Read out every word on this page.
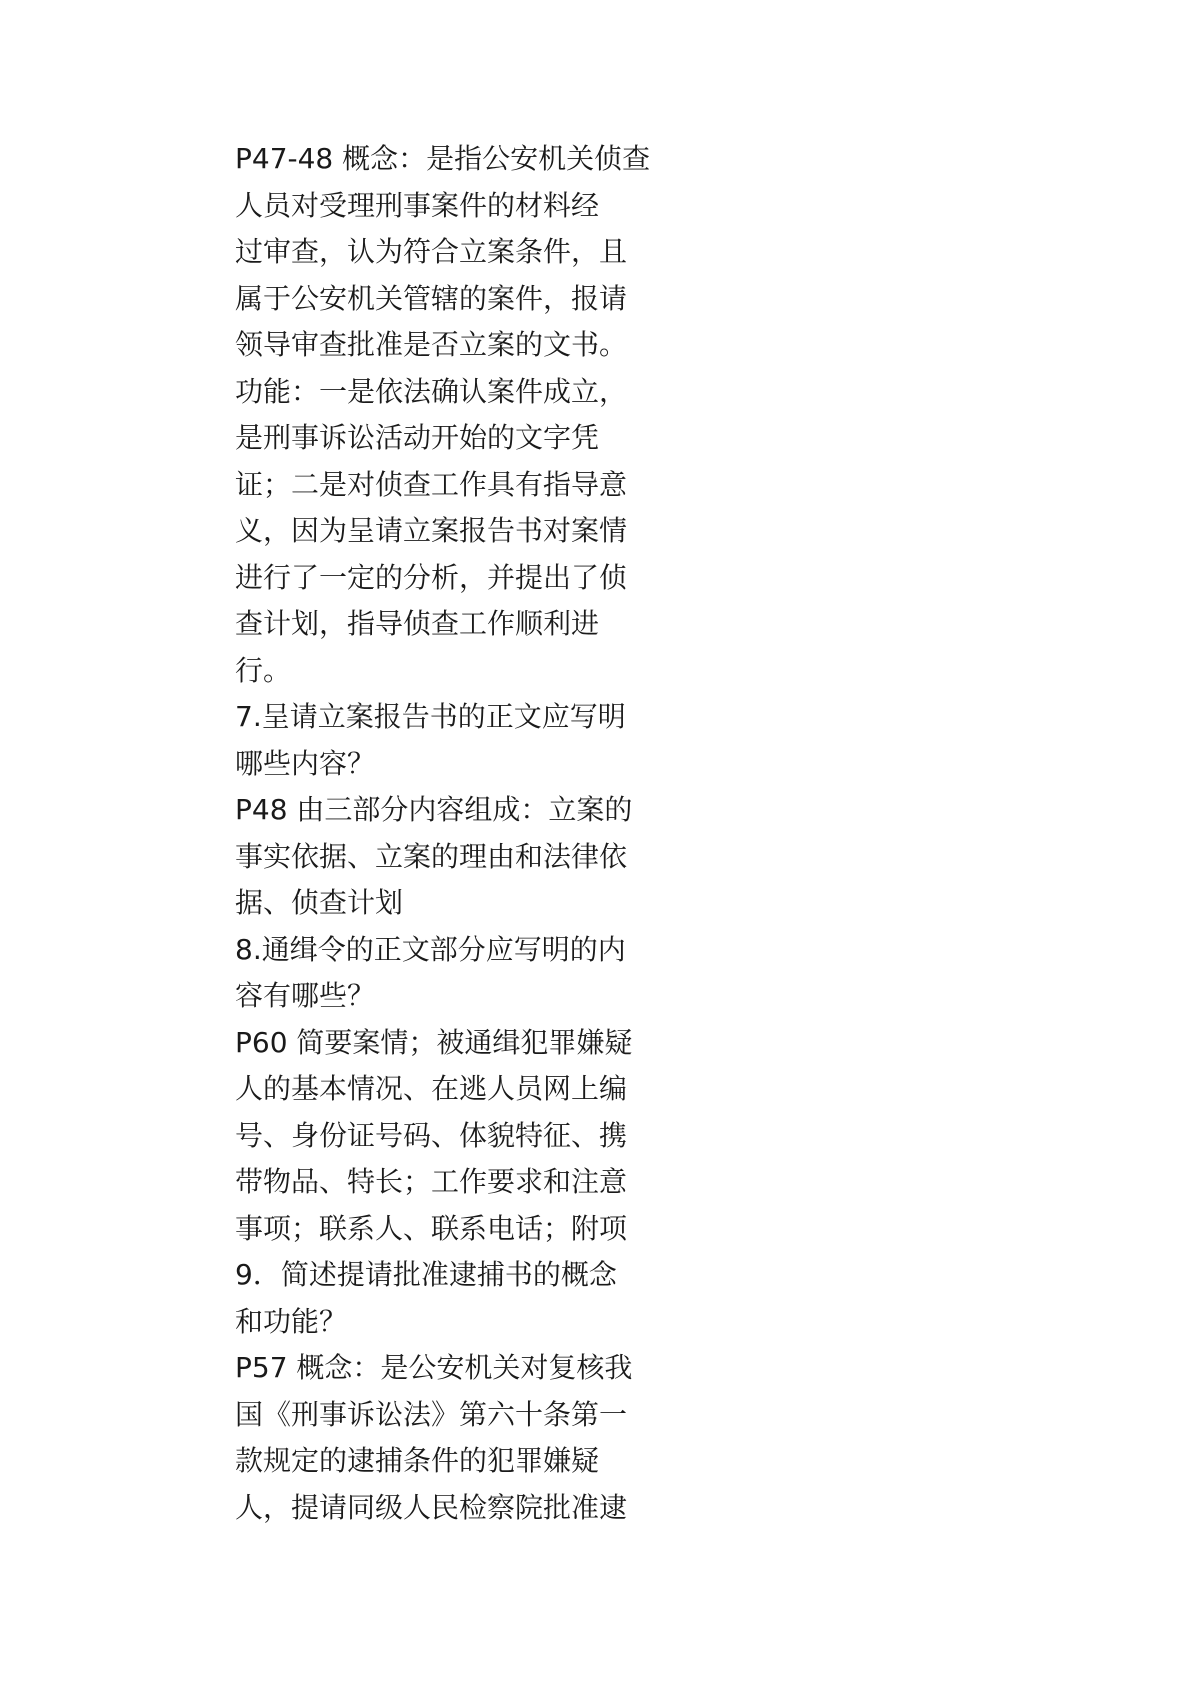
P47-48 概念：是指公安机关侦查
人员对受理刑事案件的材料经
过审查，认为符合立案条件，且
属于公安机关管辖的案件，报请
领导审查批准是否立案的文书。
功能：一是依法确认案件成立，
是刑事诉讼活动开始的文字凭
证；二是对侦查工作具有指导意
义，因为呈请立案报告书对案情
进行了一定的分析，并提出了侦
查计划，指导侦查工作顺利进
行。
7.呈请立案报告书的正文应写明
哪些内容？
P48 由三部分内容组成：立案的
事实依据、立案的理由和法律依
据、侦查计划
8.通缉令的正文部分应写明的内
容有哪些？
P60 简要案情；被通缉犯罪嫌疑
人的基本情况、在逃人员网上编
号、身份证号码、体貌特征、携
带物品、特长；工作要求和注意
事项；联系人、联系电话；附项
9．简述提请批准逮捕书的概念
和功能？
P57 概念：是公安机关对复核我
国《刑事诉讼法》第六十条第一
款规定的逮捕条件的犯罪嫌疑
人，提请同级人民检察院批准逮
